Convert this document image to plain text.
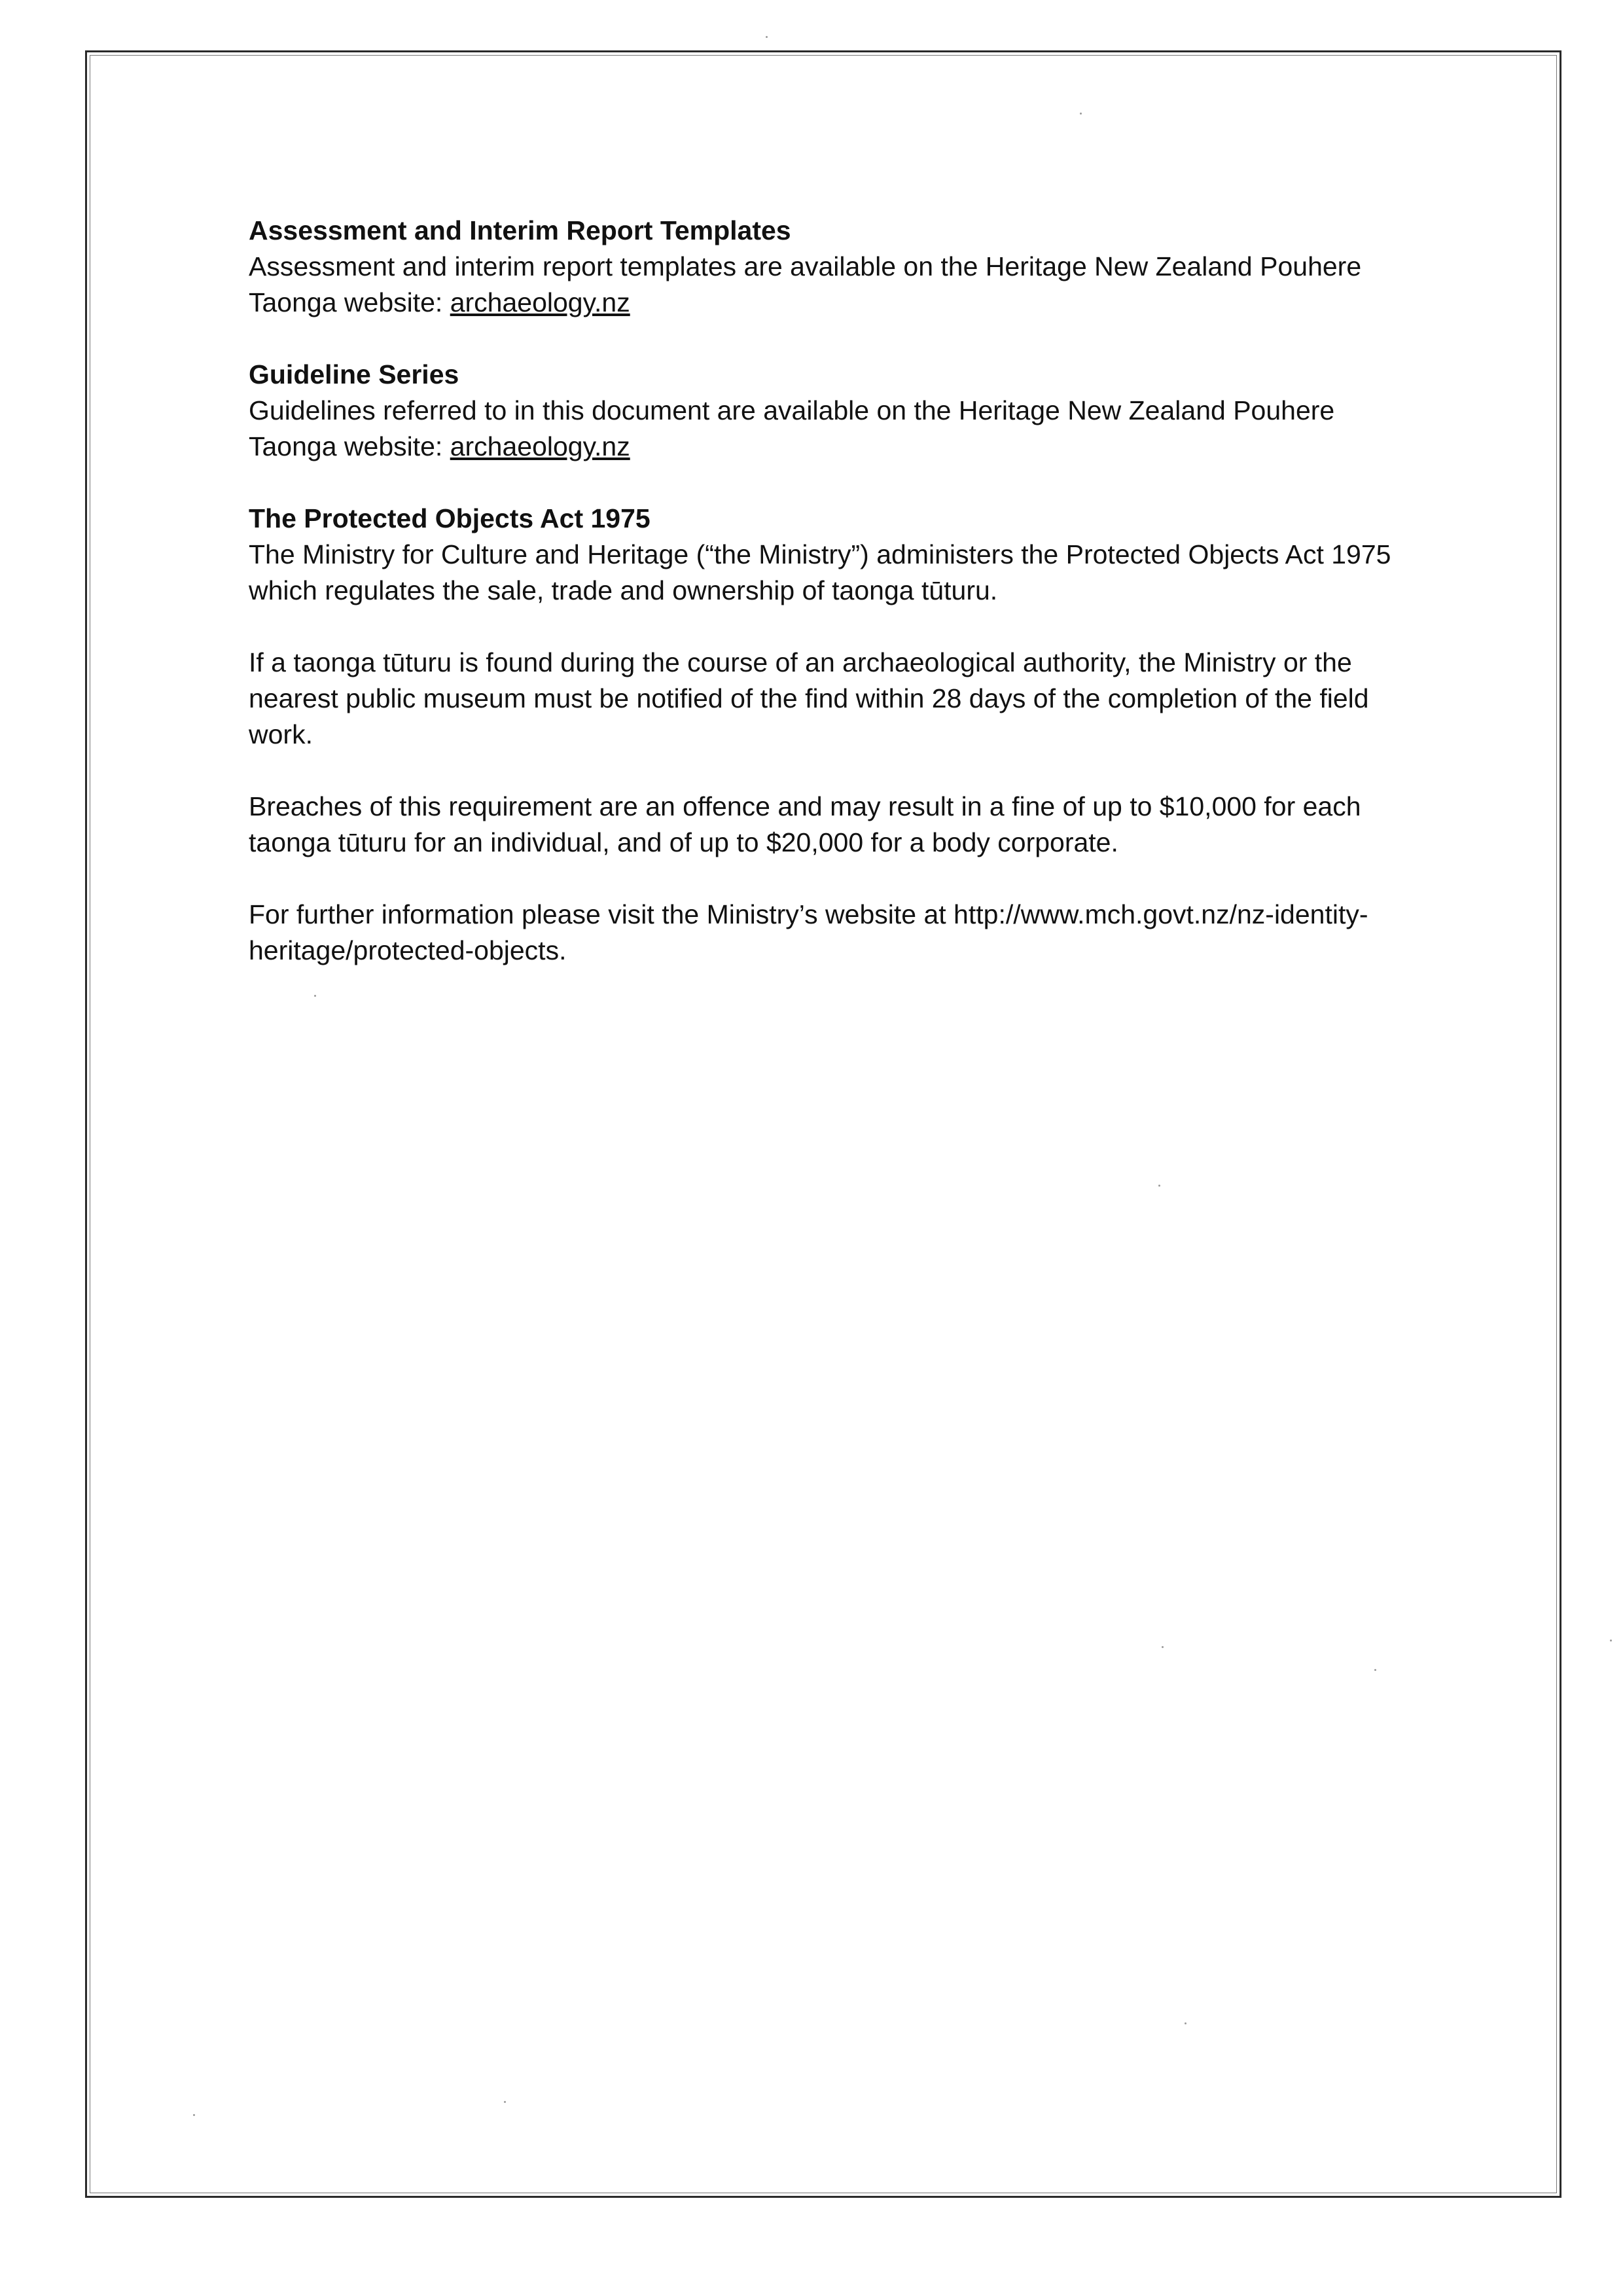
Assessment and Interim Report Templates

Assessment and interim report templates are available on the Heritage New Zealand Pouhere Taonga website: archaeology.nz

Guideline Series

Guidelines referred to in this document are available on the Heritage New Zealand Pouhere Taonga website: archaeology.nz

The Protected Objects Act 1975

The Ministry for Culture and Heritage (“the Ministry”) administers the Protected Objects Act 1975 which regulates the sale, trade and ownership of taonga tūturu.

If a taonga tūturu is found during the course of an archaeological authority, the Ministry or the nearest public museum must be notified of the find within 28 days of the completion of the field work.

Breaches of this requirement are an offence and may result in a fine of up to $10,000 for each taonga tūturu for an individual, and of up to $20,000 for a body corporate.

For further information please visit the Ministry’s website at http://www.mch.govt.nz/nz-identity-heritage/protected-objects.
